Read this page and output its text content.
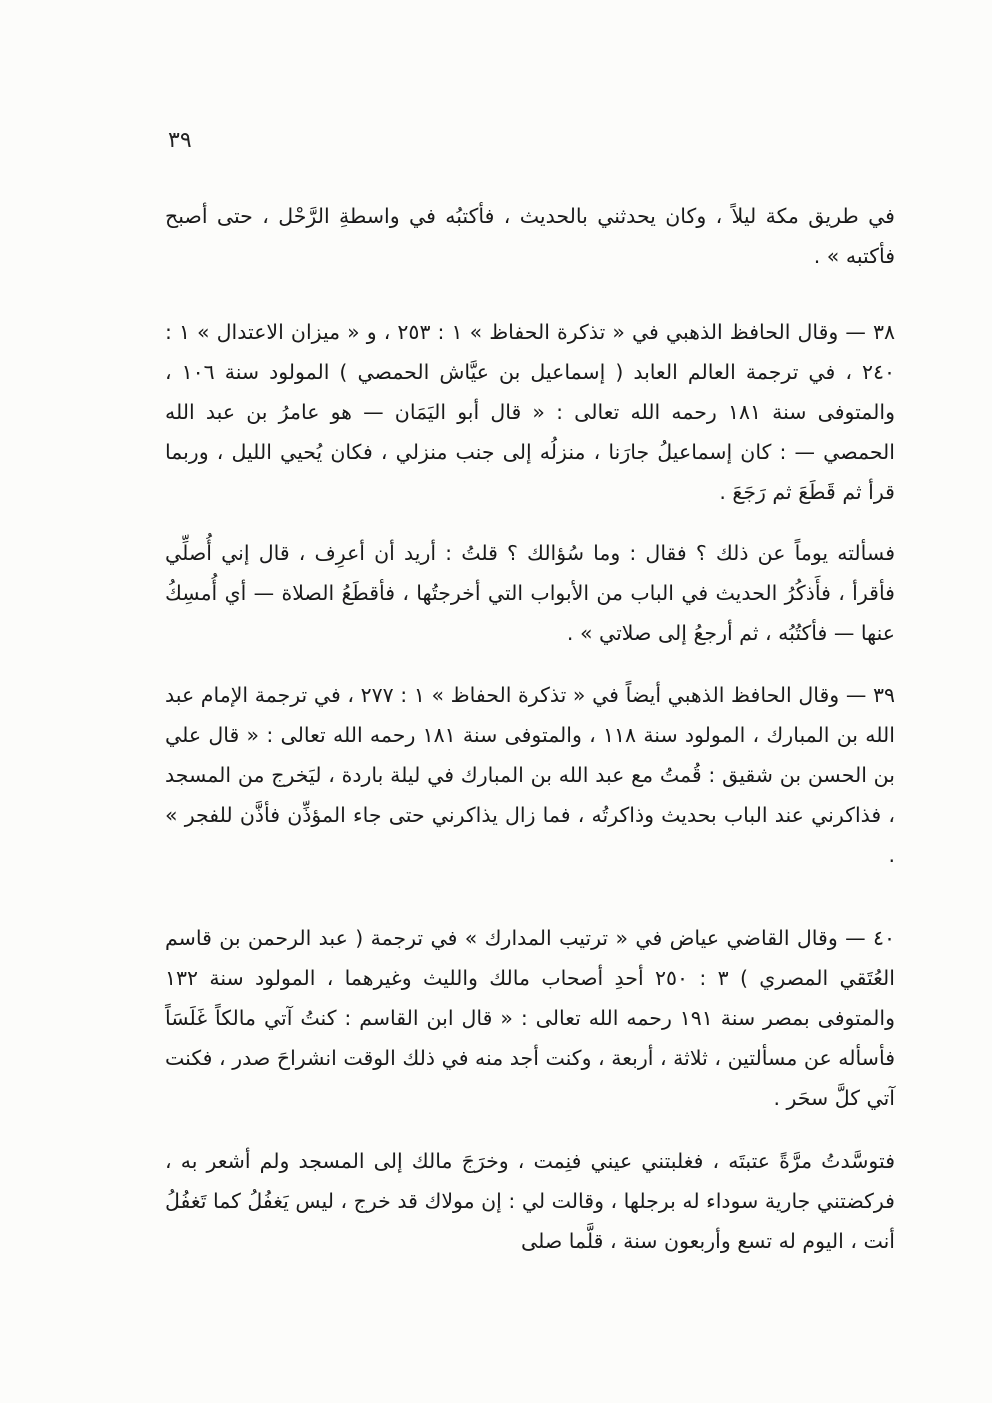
٣٩

في طريق مكة ليلاً ، وكان يحدثني بالحديث ، فأكتبُه في واسطةِ الرَّحْل ، حتى أصبح فأكتبه » .

٣٨ — وقال الحافظ الذهبي في « تذكرة الحفاظ » ١ : ٢٥٣ ، و « ميزان الاعتدال » ١ : ٢٤٠ ، في ترجمة العالم العابد ( إسماعيل بن عيَّاش الحمصي ) المولود سنة ١٠٦ ، والمتوفى سنة ١٨١ رحمه الله تعالى : « قال أبو اليَمَان — هو عامرُ بن عبد الله الحمصي — : كان إسماعيلُ جارَنا ، منزلُه إلى جنب منزلي ، فكان يُحيي الليل ، وربما قرأ ثم قَطَعَ ثم رَجَعَ .

فسألته يوماً عن ذلك ؟ فقال : وما سُؤالك ؟ قلتُ : أريد أن أعرِف ، قال إني أُصلِّي فأقرأ ، فأَذكُرُ الحديث في الباب من الأبواب التي أخرجتُها ، فأقطَعُ الصلاة — أي أُمسِكُ عنها — فأكتُبُه ، ثم أرجعُ إلى صلاتي » .

٣٩ — وقال الحافظ الذهبي أيضاً في « تذكرة الحفاظ » ١ : ٢٧٧ ، في ترجمة الإمام عبد الله بن المبارك ، المولود سنة ١١٨ ، والمتوفى سنة ١٨١ رحمه الله تعالى : « قال علي بن الحسن بن شقيق : قُمتُ مع عبد الله بن المبارك في ليلة باردة ، ليَخرج من المسجد ، فذاكرني عند الباب بحديث وذاكرتُه ، فما زال يذاكرني حتى جاء المؤذِّن فأذَّن للفجر » .

٤٠ — وقال القاضي عياض في « ترتيب المدارك » في ترجمة ( عبد الرحمن بن قاسم العُتَقي المصري ) ٣ : ٢٥٠ أحدِ أصحاب مالك والليث وغيرهما ، المولود سنة ١٣٢ والمتوفى بمصر سنة ١٩١ رحمه الله تعالى : « قال ابن القاسم : كنتُ آتي مالكاً غَلَسَاً فأسأله عن مسألتين ، ثلاثة ، أربعة ، وكنت أجد منه في ذلك الوقت انشراحَ صدر ، فكنت آتي كلَّ سحَر .

فتوسَّدتُ مرَّةً عتبتَه ، فغلبتني عيني فنِمت ، وخرَجَ مالك إلى المسجد ولم أشعر به ، فركضتني جارية سوداء له برجلها ، وقالت لي : إن مولاك قد خرج ، ليس يَغفُلُ كما تَغفُلُ أنت ، اليوم له تسع وأربعون سنة ، قلَّما صلى
